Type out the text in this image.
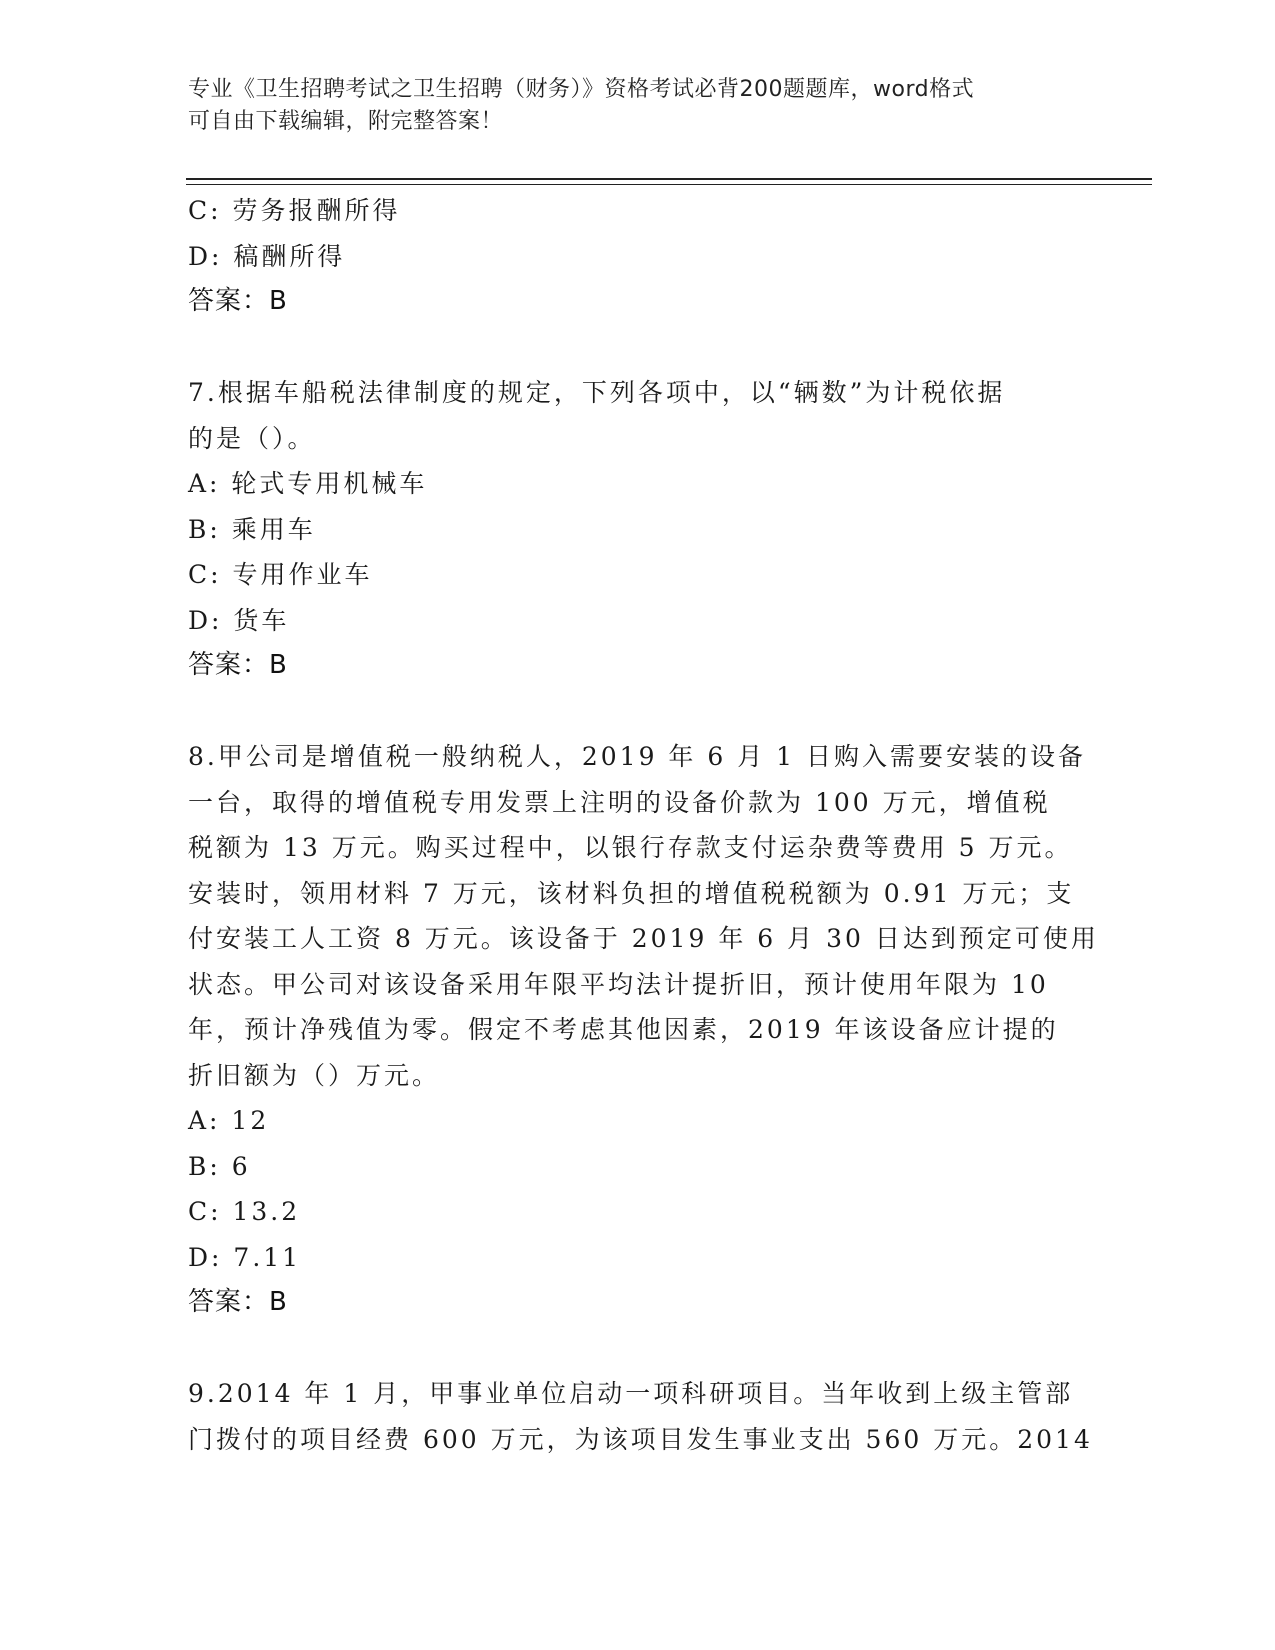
专业《卫生招聘考试之卫生招聘（财务）》资格考试必背200题题库，word格式
可自由下载编辑，附完整答案！
C: 劳务报酬所得
D: 稿酬所得
答案：B
7.根据车船税法律制度的规定，下列各项中，以“辆数”为计税依据
的是（）。
A: 轮式专用机械车
B: 乘用车
C: 专用作业车
D: 货车
答案：B
8.甲公司是增值税一般纳税人，2019 年 6 月 1 日购入需要安装的设备
一台，取得的增值税专用发票上注明的设备价款为 100 万元，增值税
税额为 13 万元。购买过程中，以银行存款支付运杂费等费用 5 万元。
安装时，领用材料 7 万元，该材料负担的增值税税额为 0.91 万元；支
付安装工人工资 8 万元。该设备于 2019 年 6 月 30 日达到预定可使用
状态。甲公司对该设备采用年限平均法计提折旧，预计使用年限为 10
年，预计净残值为零。假定不考虑其他因素，2019 年该设备应计提的
折旧额为（）万元。
A: 12
B: 6
C: 13.2
D: 7.11
答案：B
9.2014 年 1 月，甲事业单位启动一项科研项目。当年收到上级主管部
门拨付的项目经费 600 万元，为该项目发生事业支出 560 万元。2014
